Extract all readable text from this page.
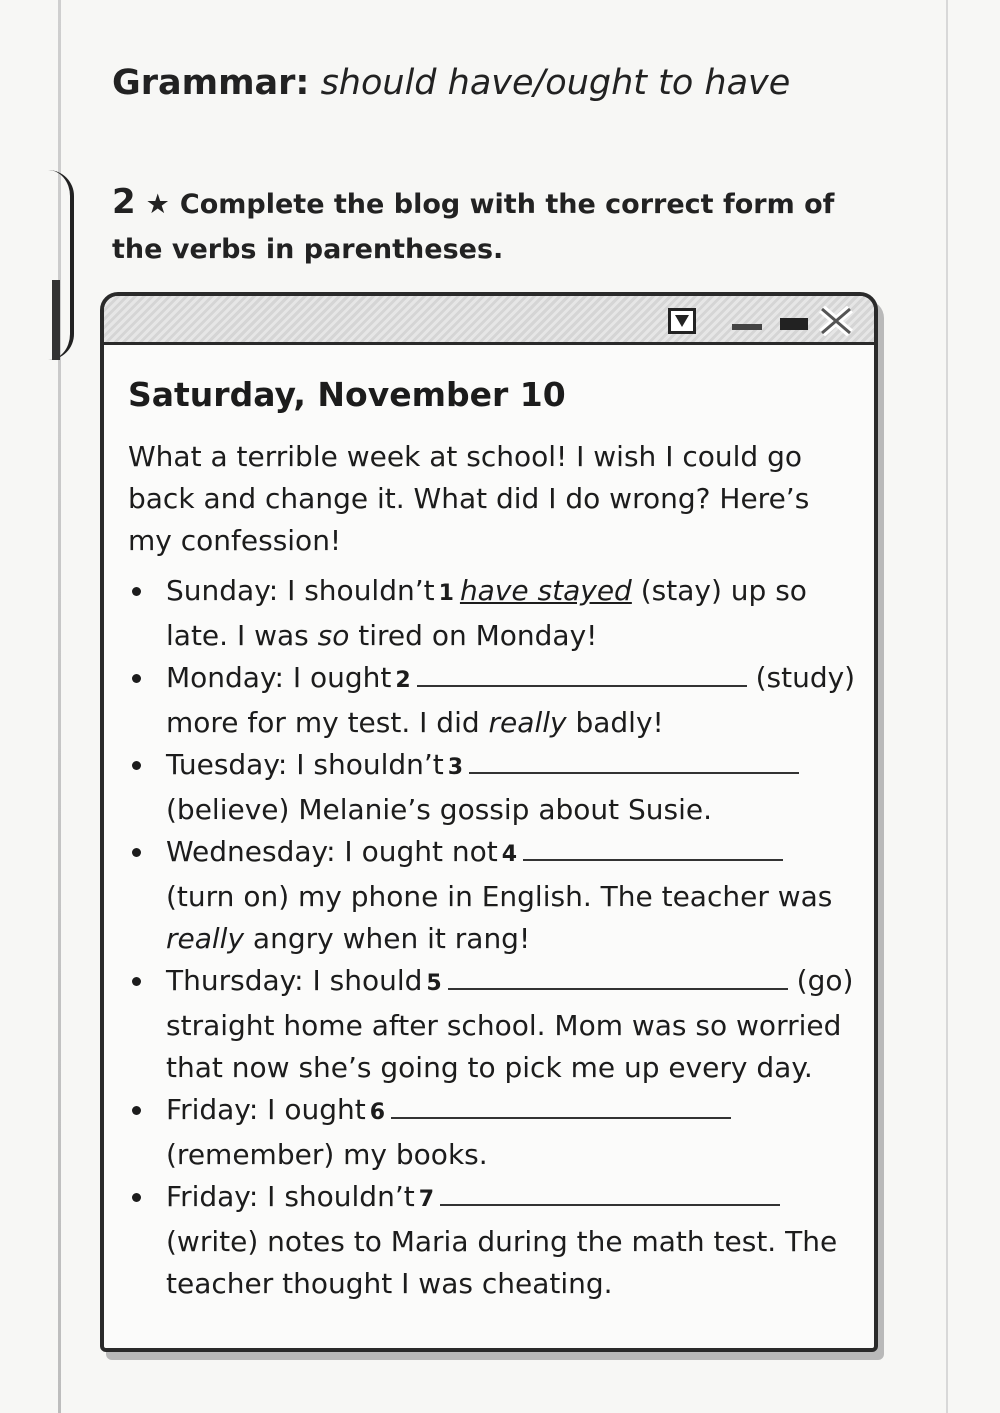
Grammar: should have/ought to have
2 ★ Complete the blog with the correct form of the verbs in parentheses.
Saturday, November 10
What a terrible week at school! I wish I could go back and change it. What did I do wrong? Here’s my confession!
Sunday: I shouldn’t 1 have stayed (stay) up so late. I was so tired on Monday!
Monday: I ought 2	(study) more for my test. I did really badly!
Tuesday: I shouldn’t 3 (believe) Melanie’s gossip about Susie.
Wednesday: I ought not 4 (turn on) my phone in English. The teacher was really angry when it rang!
Thursday: I should 5	(go) straight home after school. Mom was so worried that now she’s going to pick me up every day.
Friday: I ought 6 (remember) my books.
Friday: I shouldn’t 7 (write) notes to Maria during the math test. The teacher thought I was cheating.
